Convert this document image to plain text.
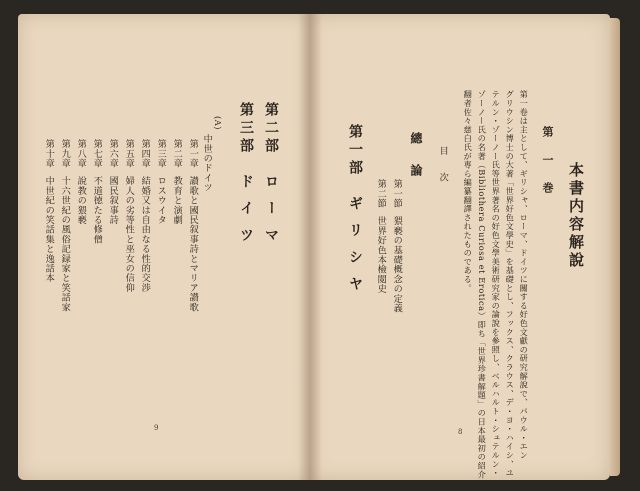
第二部　ロ ー マ
第三部　ド イ ツ
(A)
中世のドイツ
第一章讃歌と國民叙事詩とマリア讃歌
第二章教育と演劇
第三章ロスウイタ
第四章結婚又は自由なる性的交渉
第五章婦人の劣等性と巫女の信仰
第六章國民叙事詩
第七章不道徳たる修僧
第八章說教の猥褻
第九章十六世紀の風俗記録家と笑話家
第十章中世紀の笑話集と逸話本
9
本書内容解說
第　一　巻
第一卷は主として、ギリシャ、ローマ、ドイツに關する好色文獻の研究解說で、パウル・エン
グリウシン博士の大著「世界好色文學史」を基礎とし、フックス、クラウス、デ・ヨ・ハイシ、ユ
テルン・ゾーノー氏等世界著名の好色文學美術研究家の論說を參照し、ベルハルト・シュテルン・
ゾーノー氏の名著（Bibliothera Curiosa et Erotica）即ち「世界珍書解題」の日本最初の紹介
翻者佐々慈白氏が専ら編纂翻譯されたものである。
目　次
總　論
第一節猥褻の基礎概念の定義
第二節世界好色本檢閲史
第一部　ギ リ シ ヤ
8
